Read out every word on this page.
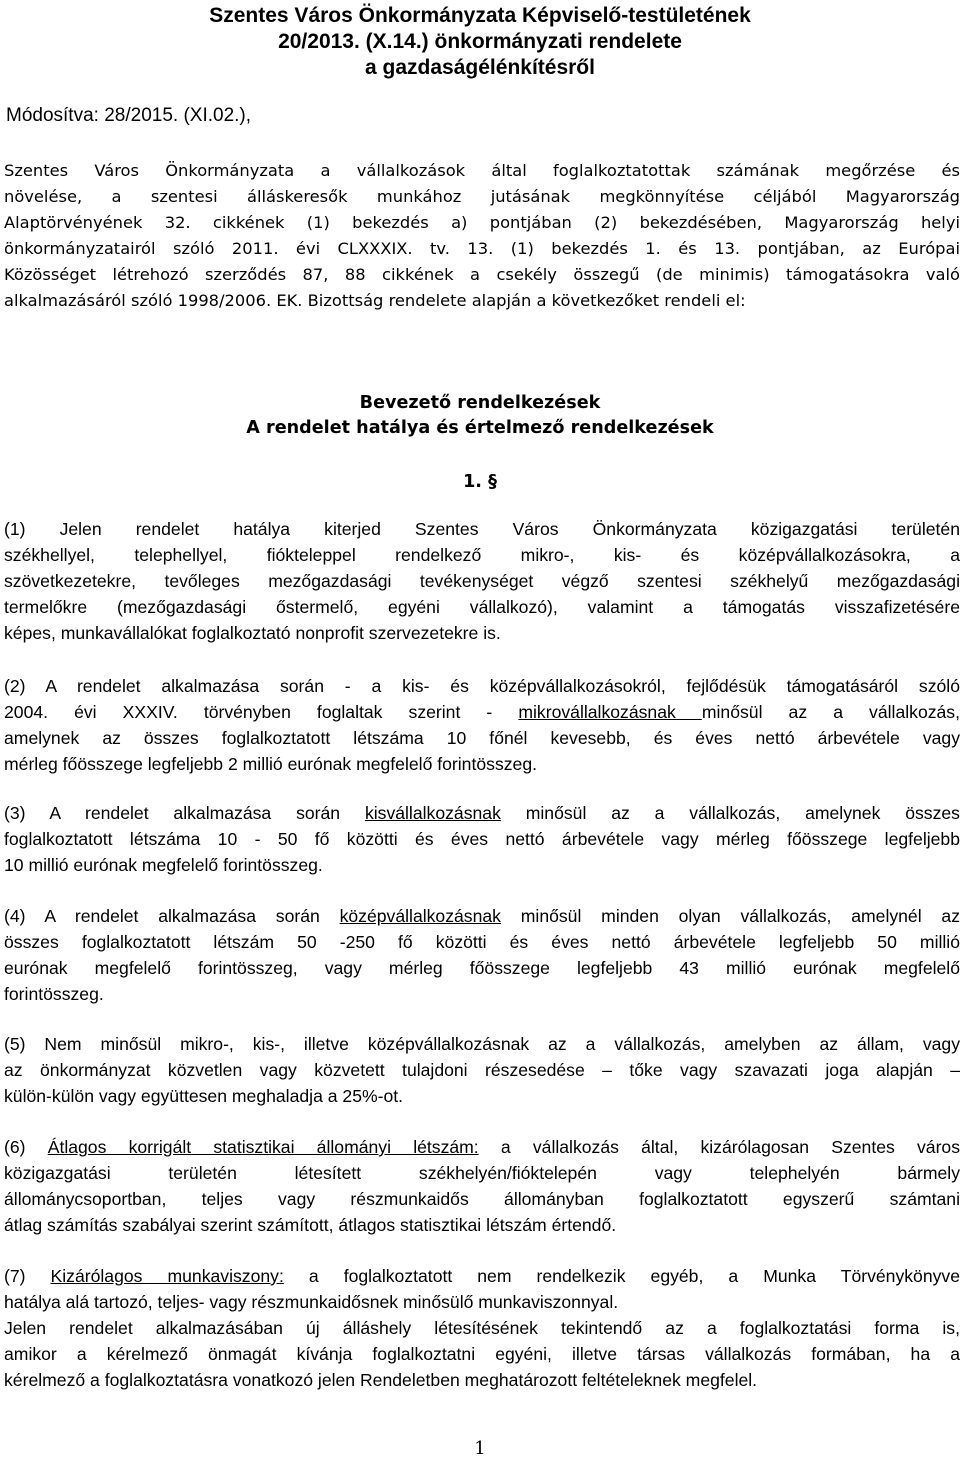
Szentes Város Önkormányzata Képviselő-testületének
20/2013. (X.14.) önkormányzati rendelete
a gazdaságélénkítésről
Módosítva: 28/2015. (XI.02.),
Szentes Város Önkormányzata a vállalkozások által foglalkoztatottak számának megőrzése és
növelése, a szentesi álláskeresők munkához jutásának megkönnyítése céljából Magyarország
Alaptörvényének 32. cikkének (1) bekezdés a) pontjában (2) bekezdésében, Magyarország helyi
önkormányzatairól szóló 2011. évi CLXXXIX. tv. 13. (1) bekezdés 1. és 13. pontjában, az Európai
Közösséget létrehozó szerződés 87, 88 cikkének a csekély összegű (de minimis) támogatásokra való
alkalmazásáról szóló 1998/2006. EK. Bizottság rendelete alapján a következőket rendeli el:
Bevezető rendelkezések
A rendelet hatálya és értelmező rendelkezések
1. §
(1) Jelen rendelet hatálya kiterjed Szentes Város Önkormányzata közigazgatási területén
székhellyel, telephellyel, fiókteleppel rendelkező mikro-, kis- és középvállalkozásokra, a
szövetkezetekre, tevőleges mezőgazdasági tevékenységet végző szentesi székhelyű mezőgazdasági
termelőkre (mezőgazdasági őstermelő, egyéni vállalkozó), valamint a támogatás visszafizetésére
képes, munkavállalókat foglalkoztató nonprofit szervezetekre is.
(2) A rendelet alkalmazása során - a kis- és középvállalkozásokról, fejlődésük támogatásáról szóló
2004. évi XXXIV. törvényben foglaltak szerint - mikrovállalkozásnak minősül az a vállalkozás,
amelynek az összes foglalkoztatott létszáma 10 főnél kevesebb, és éves nettó árbevétele vagy
mérleg főösszege legfeljebb 2 millió eurónak megfelelő forintösszeg.
(3) A rendelet alkalmazása során kisvállalkozásnak minősül az a vállalkozás, amelynek összes
foglalkoztatott létszáma 10 - 50 fő közötti és éves nettó árbevétele vagy mérleg főösszege legfeljebb
10 millió eurónak megfelelő forintösszeg.
(4) A rendelet alkalmazása során középvállalkozásnak minősül minden olyan vállalkozás, amelynél az
összes foglalkoztatott létszám 50 -250 fő közötti és éves nettó árbevétele legfeljebb 50 millió
eurónak megfelelő forintösszeg, vagy mérleg főösszege legfeljebb 43 millió eurónak megfelelő
forintösszeg.
(5) Nem minősül mikro-, kis-, illetve középvállalkozásnak az a vállalkozás, amelyben az állam, vagy
az önkormányzat közvetlen vagy közvetett tulajdoni részesedése – tőke vagy szavazati joga alapján –
külön-külön vagy együttesen meghaladja a 25%-ot.
(6) Átlagos korrigált statisztikai állományi létszám: a vállalkozás által, kizárólagosan Szentes város
közigazgatási területén létesített székhelyén/fióktelepén vagy telephelyén bármely
állománycsoportban, teljes vagy részmunkaidős állományban foglalkoztatott egyszerű számtani
átlag számítás szabályai szerint számított, átlagos statisztikai létszám értendő.
(7) Kizárólagos munkaviszony: a foglalkoztatott nem rendelkezik egyéb, a Munka Törvénykönyve
hatálya alá tartozó, teljes- vagy részmunkaidősnek minősülő munkaviszonnyal.
Jelen rendelet alkalmazásában új álláshely létesítésének tekintendő az a foglalkoztatási forma is,
amikor a kérelmező önmagát kívánja foglalkoztatni egyéni, illetve társas vállalkozás formában, ha a
kérelmező a foglalkoztatásra vonatkozó jelen Rendeletben meghatározott feltételeknek megfelel.
1
